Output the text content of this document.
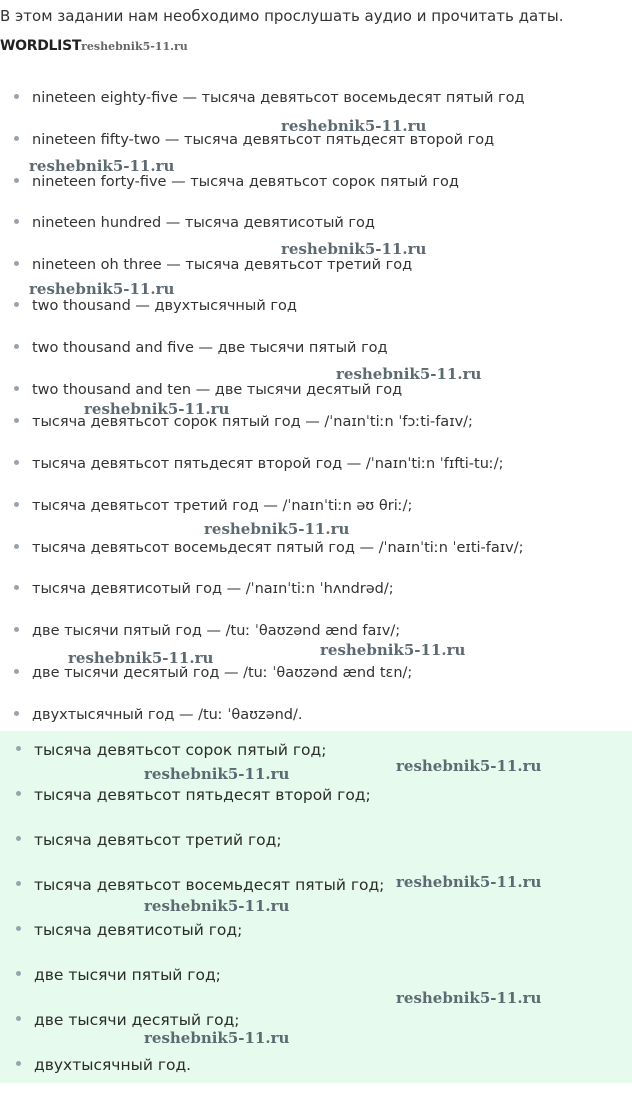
В этом задании нам необходимо прослушать аудио и прочитать даты.
WORDLISTreshebnik5-11.ru
nineteen eighty-five — тысяча девятьсот восемьдесят пятый год
nineteen fifty-two — тысяча девятьсот пятьдесят второй год
nineteen forty-five — тысяча девятьсот сорок пятый год
nineteen hundred — тысяча девятисотый год
nineteen oh three — тысяча девятьсот третий год
two thousand — двухтысячный год
two thousand and five — две тысячи пятый год
two thousand and ten — две тысячи десятый год
тысяча девятьсот сорок пятый год — /ˈnaɪnˈtiːn ˈfɔːti-faɪv/;
тысяча девятьсот пятьдесят второй год — /ˈnaɪnˈtiːn ˈfɪfti-tuː/;
тысяча девятьсот третий год — /ˈnaɪnˈtiːn əʊ θriː/;
тысяча девятьсот восемьдесят пятый год — /ˈnaɪnˈtiːn ˈeɪti-faɪv/;
тысяча девятисотый год — /ˈnaɪnˈtiːn ˈhʌndrəd/;
две тысячи пятый год — /tuː ˈθaʊzənd ænd faɪv/;
две тысячи десятый год — /tuː ˈθaʊzənd ænd tɛn/;
двухтысячный год — /tuː ˈθaʊzənd/.
тысяча девятьсот сорок пятый год;
тысяча девятьсот пятьдесят второй год;
тысяча девятьсот третий год;
тысяча девятьсот восемьдесят пятый год;
тысяча девятисотый год;
две тысячи пятый год;
две тысячи десятый год;
двухтысячный год.
reshebnik5-11.ru
reshebnik5-11.ru
reshebnik5-11.ru
reshebnik5-11.ru
reshebnik5-11.ru
reshebnik5-11.ru
reshebnik5-11.ru
reshebnik5-11.ru
reshebnik5-11.ru
reshebnik5-11.ru
reshebnik5-11.ru
reshebnik5-11.ru
reshebnik5-11.ru
reshebnik5-11.ru
reshebnik5-11.ru
